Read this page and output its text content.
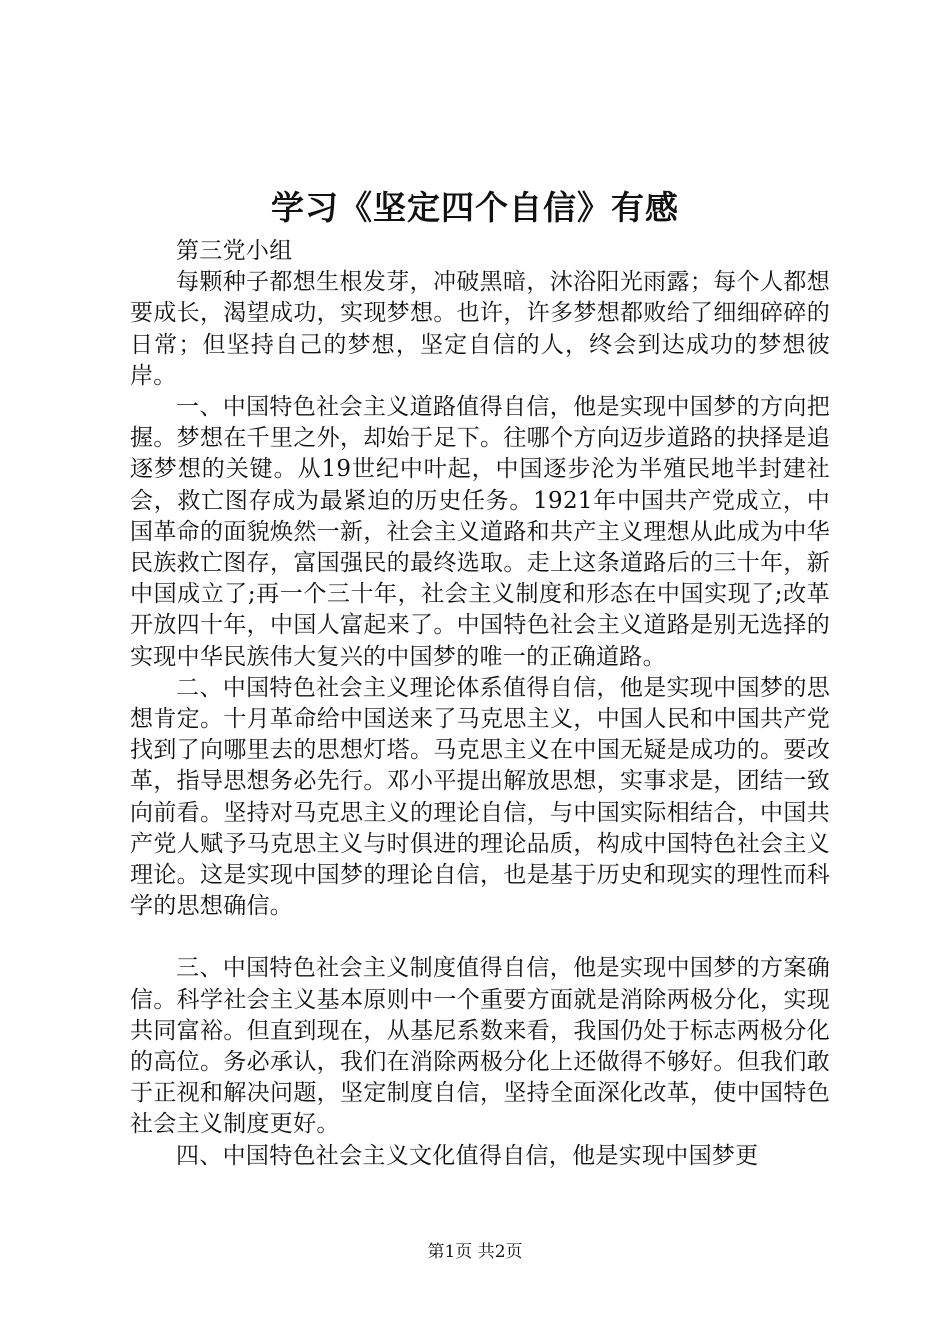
学习《坚定四个自信》有感

第三党小组

每颗种子都想生根发芽，冲破黑暗，沐浴阳光雨露；每个人都想要成长，渴望成功，实现梦想。也许，许多梦想都败给了细细碎碎的日常；但坚持自己的梦想，坚定自信的人，终会到达成功的梦想彼岸。

一、中国特色社会主义道路值得自信，他是实现中国梦的方向把握。梦想在千里之外，却始于足下。往哪个方向迈步道路的抉择是追逐梦想的关键。从19世纪中叶起，中国逐步沦为半殖民地半封建社会，救亡图存成为最紧迫的历史任务。1921年中国共产党成立，中国革命的面貌焕然一新，社会主义道路和共产主义理想从此成为中华民族救亡图存，富国强民的最终选取。走上这条道路后的三十年，新中国成立了;再一个三十年，社会主义制度和形态在中国实现了;改革开放四十年，中国人富起来了。中国特色社会主义道路是别无选择的实现中华民族伟大复兴的中国梦的唯一的正确道路。

二、中国特色社会主义理论体系值得自信，他是实现中国梦的思想肯定。十月革命给中国送来了马克思主义，中国人民和中国共产党找到了向哪里去的思想灯塔。马克思主义在中国无疑是成功的。要改革，指导思想务必先行。邓小平提出解放思想，实事求是，团结一致向前看。坚持对马克思主义的理论自信，与中国实际相结合，中国共产党人赋予马克思主义与时俱进的理论品质，构成中国特色社会主义理论。这是实现中国梦的理论自信，也是基于历史和现实的理性而科学的思想确信。

三、中国特色社会主义制度值得自信，他是实现中国梦的方案确信。科学社会主义基本原则中一个重要方面就是消除两极分化，实现共同富裕。但直到现在，从基尼系数来看，我国仍处于标志两极分化的高位。务必承认，我们在消除两极分化上还做得不够好。但我们敢于正视和解决问题，坚定制度自信，坚持全面深化改革，使中国特色社会主义制度更好。

四、中国特色社会主义文化值得自信，他是实现中国梦更

第1页 共2页
